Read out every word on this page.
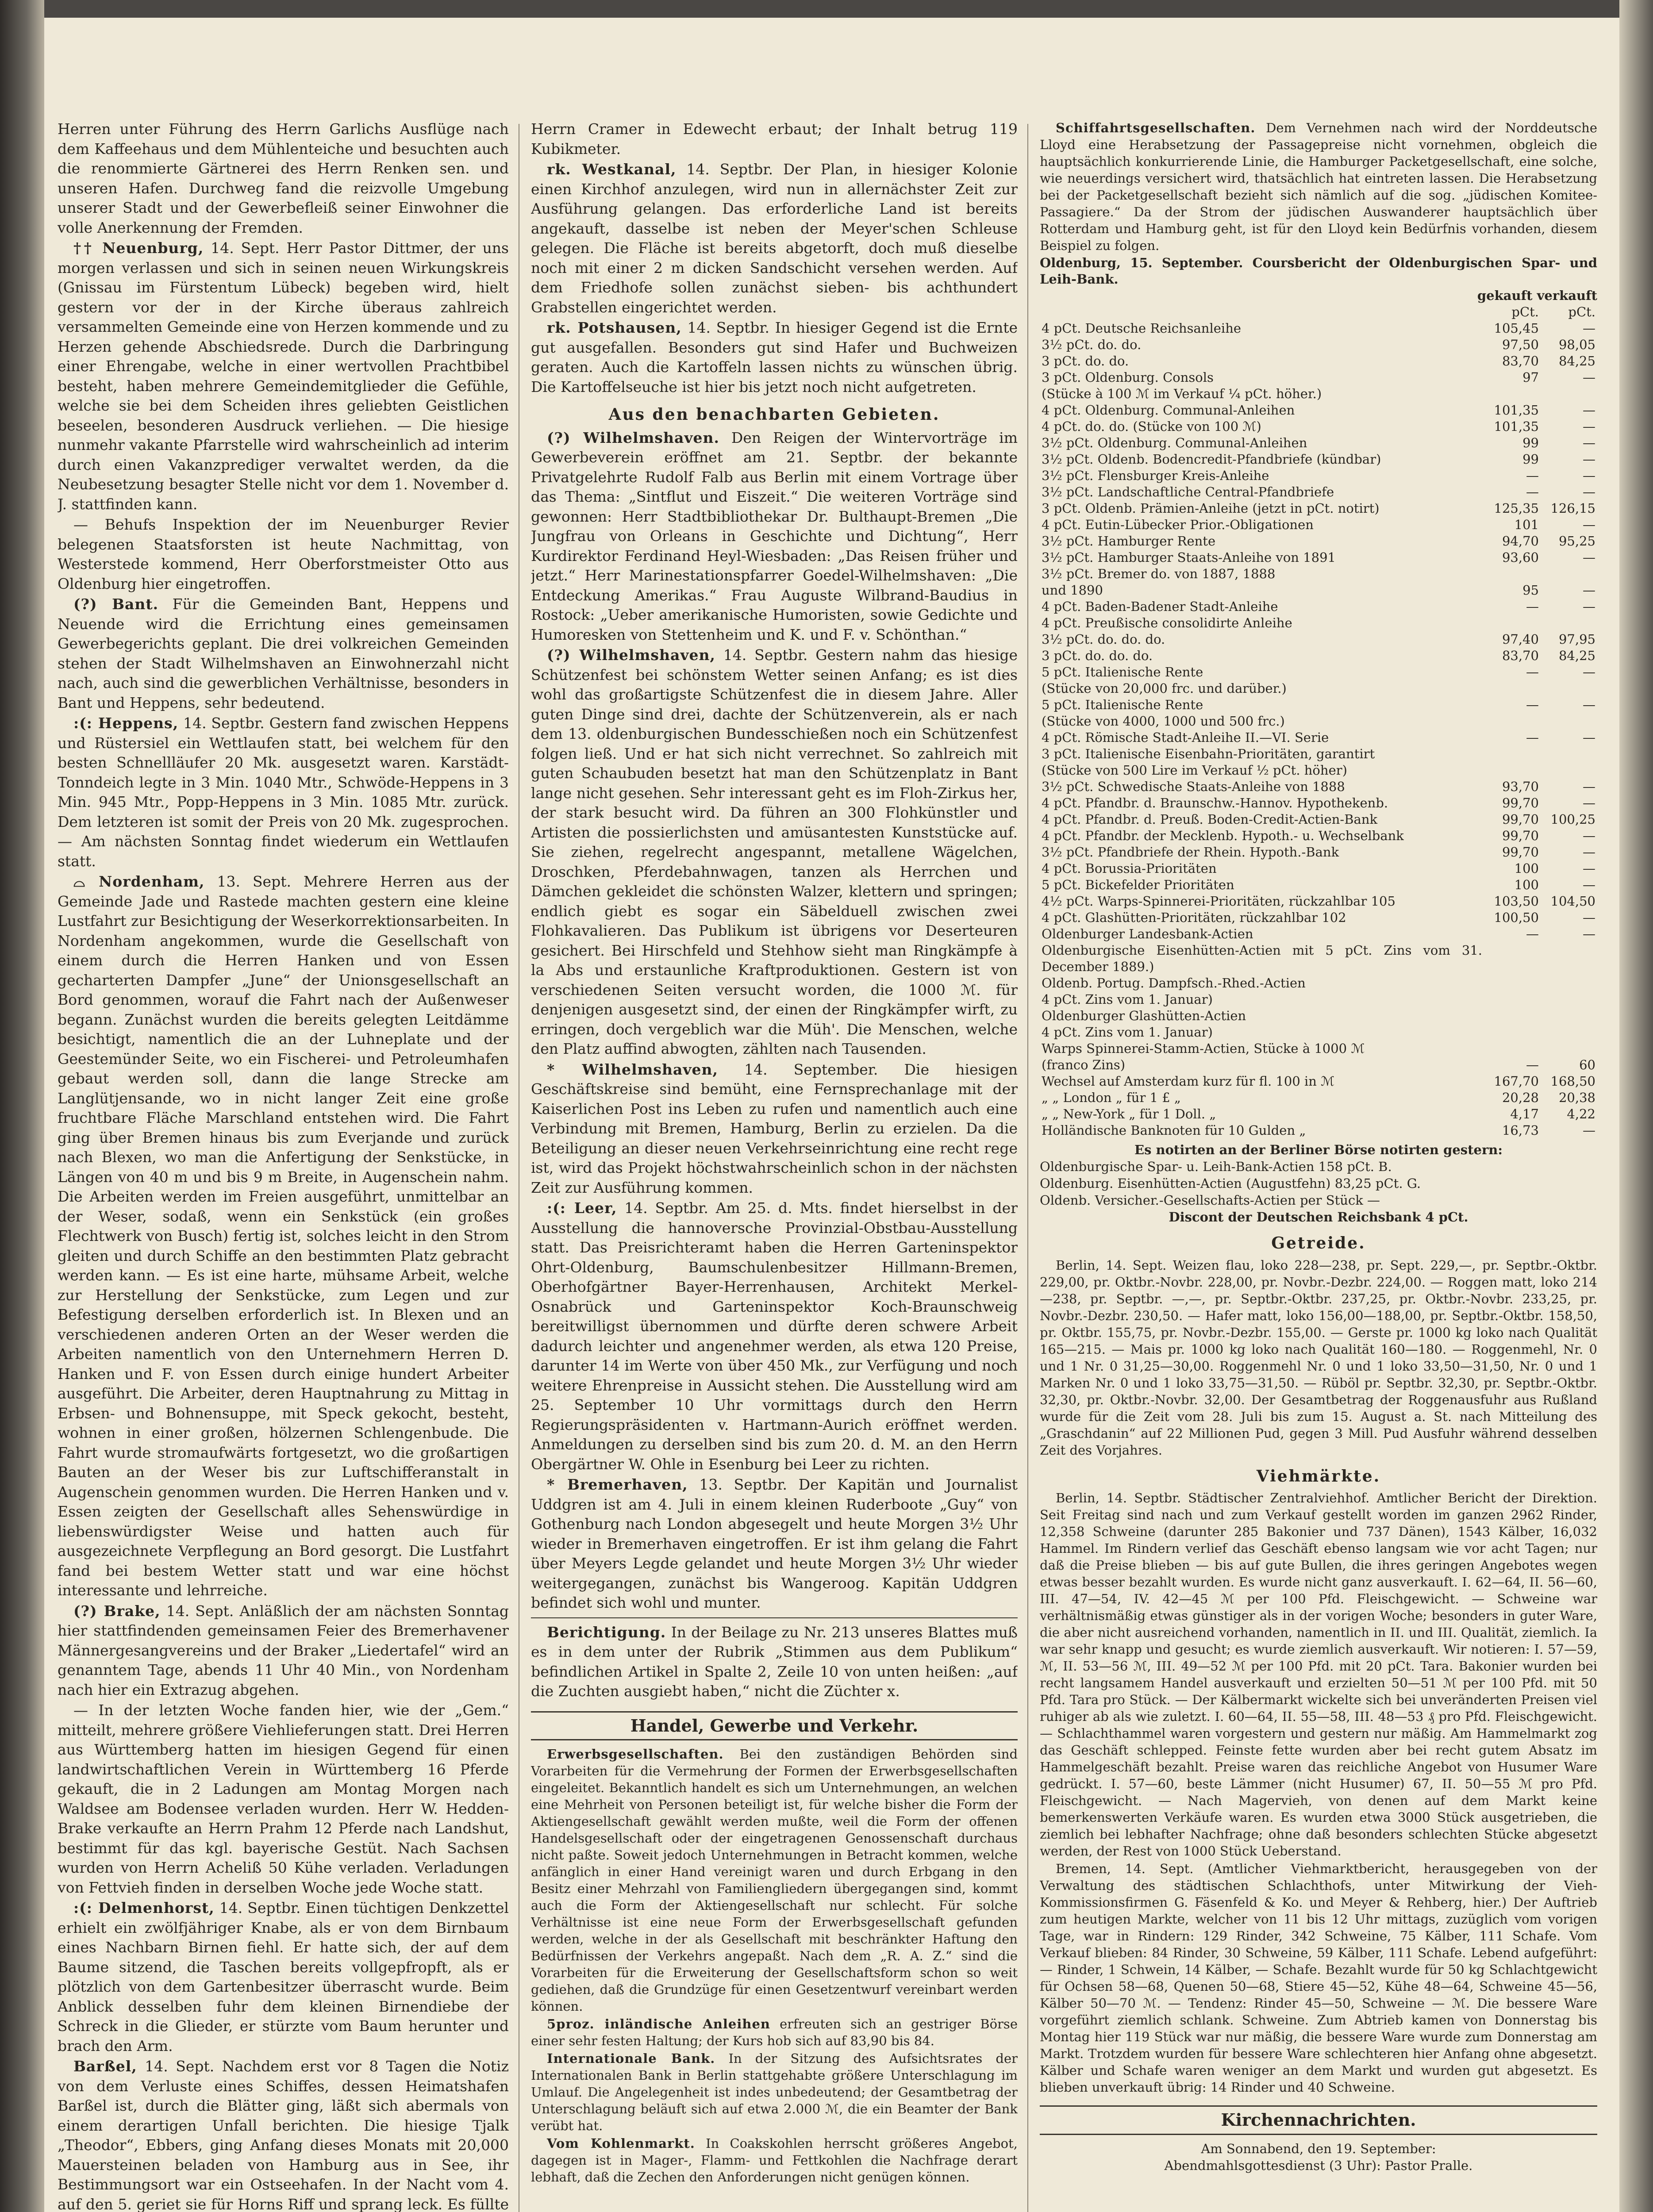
Herren unter Führung des Herrn Garlichs Ausflüge nach dem Kaffeehaus und dem Mühlenteiche und besuchten auch die renommierte Gärtnerei des Herrn Renken sen. und unseren Hafen. Durchweg fand die reizvolle Umgebung unserer Stadt und der Gewerbefleiß seiner Einwohner die volle Anerkennung der Fremden.

†† Neuenburg, 14. Sept. Herr Pastor Dittmer, der uns morgen verlassen und sich in seinen neuen Wirkungskreis (Gnissau im Fürstentum Lübeck) begeben wird, hielt gestern vor der in der Kirche überaus zahlreich versammelten Gemeinde eine von Herzen kommende und zu Herzen gehende Abschiedsrede. Durch die Darbringung einer Ehrengabe, welche in einer wertvollen Prachtbibel besteht, haben mehrere Gemeindemitglieder die Gefühle, welche sie bei dem Scheiden ihres geliebten Geistlichen beseelen, besonderen Ausdruck verliehen. — Die hiesige nunmehr vakante Pfarrstelle wird wahrscheinlich ad interim durch einen Vakanzprediger verwaltet werden, da die Neubesetzung besagter Stelle nicht vor dem 1. November d. J. stattfinden kann.

— Behufs Inspektion der im Neuenburger Revier belegenen Staatsforsten ist heute Nachmittag, von Westerstede kommend, Herr Oberforstmeister Otto aus Oldenburg hier eingetroffen.

(?) Bant. Für die Gemeinden Bant, Heppens und Neuende wird die Errichtung eines gemeinsamen Gewerbegerichts geplant. Die drei volkreichen Gemeinden stehen der Stadt Wilhelmshaven an Einwohnerzahl nicht nach, auch sind die gewerblichen Verhältnisse, besonders in Bant und Heppens, sehr bedeutend.

:(: Heppens, 14. Septbr. Gestern fand zwischen Heppens und Rüstersiel ein Wettlaufen statt, bei welchem für den besten Schnellläufer 20 Mk. ausgesetzt waren. Karstädt-Tonndeich legte in 3 Min. 1040 Mtr., Schwöde-Heppens in 3 Min. 945 Mtr., Popp-Heppens in 3 Min. 1085 Mtr. zurück. Dem letzteren ist somit der Preis von 20 Mk. zugesprochen. — Am nächsten Sonntag findet wiederum ein Wettlaufen statt.

⌓ Nordenham, 13. Sept. Mehrere Herren aus der Gemeinde Jade und Rastede machten gestern eine kleine Lustfahrt zur Besichtigung der Weserkorrektionsarbeiten. In Nordenham angekommen, wurde die Gesellschaft von einem durch die Herren Hanken und von Essen gecharterten Dampfer „June“ der Unionsgesellschaft an Bord genommen, worauf die Fahrt nach der Außenweser begann. Zunächst wurden die bereits gelegten Leitdämme besichtigt, namentlich die an der Luhneplate und der Geestemünder Seite, wo ein Fischerei- und Petroleumhafen gebaut werden soll, dann die lange Strecke am Langlütjensande, wo in nicht langer Zeit eine große fruchtbare Fläche Marschland entstehen wird. Die Fahrt ging über Bremen hinaus bis zum Everjande und zurück nach Blexen, wo man die Anfertigung der Senkstücke, in Längen von 40 m und bis 9 m Breite, in Augenschein nahm. Die Arbeiten werden im Freien ausgeführt, unmittelbar an der Weser, sodaß, wenn ein Senkstück (ein großes Flechtwerk von Busch) fertig ist, solches leicht in den Strom gleiten und durch Schiffe an den bestimmten Platz gebracht werden kann. — Es ist eine harte, mühsame Arbeit, welche zur Herstellung der Senkstücke, zum Legen und zur Befestigung derselben erforderlich ist. In Blexen und an verschiedenen anderen Orten an der Weser werden die Arbeiten namentlich von den Unternehmern Herren D. Hanken und F. von Essen durch einige hundert Arbeiter ausgeführt. Die Arbeiter, deren Hauptnahrung zu Mittag in Erbsen- und Bohnensuppe, mit Speck gekocht, besteht, wohnen in einer großen, hölzernen Schlengenbude. Die Fahrt wurde stromaufwärts fortgesetzt, wo die großartigen Bauten an der Weser bis zur Luftschifferanstalt in Augenschein genommen wurden. Die Herren Hanken und v. Essen zeigten der Gesellschaft alles Sehenswürdige in liebenswürdigster Weise und hatten auch für ausgezeichnete Verpflegung an Bord gesorgt. Die Lustfahrt fand bei bestem Wetter statt und war eine höchst interessante und lehrreiche.

(?) Brake, 14. Sept. Anläßlich der am nächsten Sonntag hier stattfindenden gemeinsamen Feier des Bremerhavener Männergesangvereins und der Braker „Liedertafel“ wird an genanntem Tage, abends 11 Uhr 40 Min., von Nordenham nach hier ein Extrazug abgehen.

— In der letzten Woche fanden hier, wie der „Gem.“ mitteilt, mehrere größere Viehlieferungen statt. Drei Herren aus Württemberg hatten im hiesigen Gegend für einen landwirtschaftlichen Verein in Württemberg 16 Pferde gekauft, die in 2 Ladungen am Montag Morgen nach Waldsee am Bodensee verladen wurden. Herr W. Hedden-Brake verkaufte an Herrn Prahm 12 Pferde nach Landshut, bestimmt für das kgl. bayerische Gestüt. Nach Sachsen wurden von Herrn Acheliß 50 Kühe verladen. Verladungen von Fettvieh finden in derselben Woche jede Woche statt.

:(: Delmenhorst, 14. Septbr. Einen tüchtigen Denkzettel erhielt ein zwölfjähriger Knabe, als er von dem Birnbaum eines Nachbarn Birnen fiehl. Er hatte sich, der auf dem Baume sitzend, die Taschen bereits vollgepfropft, als er plötzlich von dem Gartenbesitzer überrascht wurde. Beim Anblick desselben fuhr dem kleinen Birnendiebe der Schreck in die Glieder, er stürzte vom Baum herunter und brach den Arm.

Barßel, 14. Sept. Nachdem erst vor 8 Tagen die Notiz von dem Verluste eines Schiffes, dessen Heimatshafen Barßel ist, durch die Blätter ging, läßt sich abermals von einem derartigen Unfall berichten. Die hiesige Tjalk „Theodor“, Ebbers, ging Anfang dieses Monats mit 20,000 Mauersteinen beladen von Hamburg aus in See, ihr Bestimmungsort war ein Ostseehafen. In der Nacht vom 4. auf den 5. geriet sie für Horns Riff und sprang leck. Es füllte

Herrn Cramer in Edewecht erbaut; der Inhalt betrug 119 Kubikmeter.

rk. Westkanal, 14. Septbr. Der Plan, in hiesiger Kolonie einen Kirchhof anzulegen, wird nun in allernächster Zeit zur Ausführung gelangen. Das erforderliche Land ist bereits angekauft, dasselbe ist neben der Meyer'schen Schleuse gelegen. Die Fläche ist bereits abgetorft, doch muß dieselbe noch mit einer 2 m dicken Sandschicht versehen werden. Auf dem Friedhofe sollen zunächst sieben- bis achthundert Grabstellen eingerichtet werden.

rk. Potshausen, 14. Septbr. In hiesiger Gegend ist die Ernte gut ausgefallen. Besonders gut sind Hafer und Buchweizen geraten. Auch die Kartoffeln lassen nichts zu wünschen übrig. Die Kartoffelseuche ist hier bis jetzt noch nicht aufgetreten.

Aus den benachbarten Gebieten.

(?) Wilhelmshaven. Den Reigen der Wintervorträge im Gewerbeverein eröffnet am 21. Septbr. der bekannte Privatgelehrte Rudolf Falb aus Berlin mit einem Vortrage über das Thema: „Sintflut und Eiszeit.“ Die weiteren Vorträge sind gewonnen: Herr Stadtbibliothekar Dr. Bulthaupt-Bremen „Die Jungfrau von Orleans in Geschichte und Dichtung“, Herr Kurdirektor Ferdinand Heyl-Wiesbaden: „Das Reisen früher und jetzt.“ Herr Marinestationspfarrer Goedel-Wilhelmshaven: „Die Entdeckung Amerikas.“ Frau Auguste Wilbrand-Baudius in Rostock: „Ueber amerikanische Humoristen, sowie Gedichte und Humoresken von Stettenheim und K. und F. v. Schönthan.“

(?) Wilhelmshaven, 14. Septbr. Gestern nahm das hiesige Schützenfest bei schönstem Wetter seinen Anfang; es ist dies wohl das großartigste Schützenfest die in diesem Jahre. Aller guten Dinge sind drei, dachte der Schützenverein, als er nach dem 13. oldenburgischen Bundesschießen noch ein Schützenfest folgen ließ. Und er hat sich nicht verrechnet. So zahlreich mit guten Schaubuden besetzt hat man den Schützenplatz in Bant lange nicht gesehen. Sehr interessant geht es im Floh-Zirkus her, der stark besucht wird. Da führen an 300 Flohkünstler und Artisten die possierlichsten und amüsantesten Kunststücke auf. Sie ziehen, regelrecht angespannt, metallene Wägelchen, Droschken, Pferdebahnwagen, tanzen als Herrchen und Dämchen gekleidet die schönsten Walzer, klettern und springen; endlich giebt es sogar ein Säbelduell zwischen zwei Flohkavalieren. Das Publikum ist übrigens vor Deserteuren gesichert. Bei Hirschfeld und Stehhow sieht man Ringkämpfe à la Abs und erstaunliche Kraftproduktionen. Gestern ist von verschiedenen Seiten versucht worden, die 1000 ℳ. für denjenigen ausgesetzt sind, der einen der Ringkämpfer wirft, zu erringen, doch vergeblich war die Müh'. Die Menschen, welche den Platz auffind abwogten, zählten nach Tausenden.

* Wilhelmshaven, 14. September. Die hiesigen Geschäftskreise sind bemüht, eine Fernsprechanlage mit der Kaiserlichen Post ins Leben zu rufen und namentlich auch eine Verbindung mit Bremen, Hamburg, Berlin zu erzielen. Da die Beteiligung an dieser neuen Verkehrseinrichtung eine recht rege ist, wird das Projekt höchstwahrscheinlich schon in der nächsten Zeit zur Ausführung kommen.

:(: Leer, 14. Septbr. Am 25. d. Mts. findet hierselbst in der Ausstellung die hannoversche Provinzial-Obstbau-Ausstellung statt. Das Preisrichteramt haben die Herren Garteninspektor Ohrt-Oldenburg, Baumschulenbesitzer Hillmann-Bremen, Oberhofgärtner Bayer-Herrenhausen, Architekt Merkel-Osnabrück und Garteninspektor Koch-Braunschweig bereitwilligst übernommen und dürfte deren schwere Arbeit dadurch leichter und angenehmer werden, als etwa 120 Preise, darunter 14 im Werte von über 450 Mk., zur Verfügung und noch weitere Ehrenpreise in Aussicht stehen. Die Ausstellung wird am 25. September 10 Uhr vormittags durch den Herrn Regierungspräsidenten v. Hartmann-Aurich eröffnet werden. Anmeldungen zu derselben sind bis zum 20. d. M. an den Herrn Obergärtner W. Ohle in Esenburg bei Leer zu richten.

* Bremerhaven, 13. Septbr. Der Kapitän und Journalist Uddgren ist am 4. Juli in einem kleinen Ruderboote „Guy“ von Gothenburg nach London abgesegelt und heute Morgen 3½ Uhr wieder in Bremerhaven eingetroffen. Er ist ihm gelang die Fahrt über Meyers Legde gelandet und heute Morgen 3½ Uhr wieder weitergegangen, zunächst bis Wangeroog. Kapitän Uddgren befindet sich wohl und munter.

Berichtigung. In der Beilage zu Nr. 213 unseres Blattes muß es in dem unter der Rubrik „Stimmen aus dem Publikum“ befindlichen Artikel in Spalte 2, Zeile 10 von unten heißen: „auf die Zuchten ausgiebt haben,“ nicht die Züchter x.

Handel, Gewerbe und Verkehr.

Erwerbsgesellschaften. Bei den zuständigen Behörden sind Vorarbeiten für die Vermehrung der Formen der Erwerbsgesellschaften eingeleitet. Bekanntlich handelt es sich um Unternehmungen, an welchen eine Mehrheit von Personen beteiligt ist, für welche bisher die Form der Aktiengesellschaft gewählt werden mußte, weil die Form der offenen Handelsgesellschaft oder der eingetragenen Genossenschaft durchaus nicht paßte. Soweit jedoch Unternehmungen in Betracht kommen, welche anfänglich in einer Hand vereinigt waren und durch Erbgang in den Besitz einer Mehrzahl von Familiengliedern übergegangen sind, kommt auch die Form der Aktiengesellschaft nur schlecht. Für solche Verhältnisse ist eine neue Form der Erwerbsgesellschaft gefunden werden, welche in der als Gesellschaft mit beschränkter Haftung den Bedürfnissen der Verkehrs angepaßt. Nach dem „R. A. Z.“ sind die Vorarbeiten für die Erweiterung der Gesellschaftsform schon so weit gediehen, daß die Grundzüge für einen Gesetzentwurf vereinbart werden können.

5proz. inländische Anleihen erfreuten sich an gestriger Börse einer sehr festen Haltung; der Kurs hob sich auf 83,90 bis 84.

Internationale Bank. In der Sitzung des Aufsichtsrates der Internationalen Bank in Berlin stattgehabte größere Unterschlagung im Umlauf. Die Angelegenheit ist indes unbedeutend; der Gesamtbetrag der Unterschlagung beläuft sich auf etwa 2.000 ℳ, die ein Beamter der Bank verübt hat.

Vom Kohlenmarkt. In Coakskohlen herrscht größeres Angebot, dagegen ist in Mager-, Flamm- und Fettkohlen die Nachfrage derart lebhaft, daß die Zechen den Anforderungen nicht genügen können.

Schiffahrtsgesellschaften. Dem Vernehmen nach wird der Norddeutsche Lloyd eine Herabsetzung der Passagepreise nicht vornehmen, obgleich die hauptsächlich konkurrierende Linie, die Hamburger Packetgesellschaft, eine solche, wie neuerdings versichert wird, thatsächlich hat eintreten lassen. Die Herabsetzung bei der Packetgesellschaft bezieht sich nämlich auf die sog. „jüdischen Komitee-Passagiere.“ Da der Strom der jüdischen Auswanderer hauptsächlich über Rotterdam und Hamburg geht, ist für den Lloyd kein Bedürfnis vorhanden, diesem Beispiel zu folgen.

Oldenburg, 15. September. Coursbericht der Oldenburgischen Spar- und Leih-Bank.
gekauft verkauft
	pCt.	pCt.
4 pCt. Deutsche Reichsanleihe	105,45	—
3½ pCt. do. do.	97,50	98,05
3 pCt. do. do.	83,70	84,25
3 pCt. Oldenburg. Consols	97	—
(Stücke à 100 ℳ im Verkauf ¼ pCt. höher.)		
4 pCt. Oldenburg. Communal-Anleihen	101,35	—
4 pCt. do. do. (Stücke von 100 ℳ)	101,35	—
3½ pCt. Oldenburg. Communal-Anleihen	99	—
3½ pCt. Oldenb. Bodencredit-Pfandbriefe (kündbar)	99	—
3½ pCt. Flensburger Kreis-Anleihe	—	—
3½ pCt. Landschaftliche Central-Pfandbriefe	—	—
3 pCt. Oldenb. Prämien-Anleihe (jetzt in pCt. notirt)	125,35	126,15
4 pCt. Eutin-Lübecker Prior.-Obligationen	101	—
3½ pCt. Hamburger Rente	94,70	95,25
3½ pCt. Hamburger Staats-Anleihe von 1891	93,60	—
3½ pCt. Bremer do. von 1887, 1888		
und 1890	95	—
4 pCt. Baden-Badener Stadt-Anleihe	—	—
4 pCt. Preußische consolidirte Anleihe		
3½ pCt. do. do. do.	97,40	97,95
3 pCt. do. do. do.	83,70	84,25
5 pCt. Italienische Rente	—	—
(Stücke von 20,000 frc. und darüber.)		
5 pCt. Italienische Rente	—	—
(Stücke von 4000, 1000 und 500 frc.)		
4 pCt. Römische Stadt-Anleihe II.—VI. Serie	—	—
3 pCt. Italienische Eisenbahn-Prioritäten, garantirt		
(Stücke von 500 Lire im Verkauf ½ pCt. höher)		
3½ pCt. Schwedische Staats-Anleihe von 1888	93,70	—
4 pCt. Pfandbr. d. Braunschw.-Hannov. Hypothekenb.	99,70	—
4 pCt. Pfandbr. d. Preuß. Boden-Credit-Actien-Bank	99,70	100,25
4 pCt. Pfandbr. der Mecklenb. Hypoth.- u. Wechselbank	99,70	—
3½ pCt. Pfandbriefe der Rhein. Hypoth.-Bank	99,70	—
4 pCt. Borussia-Prioritäten	100	—
5 pCt. Bickefelder Prioritäten	100	—
4½ pCt. Warps-Spinnerei-Prioritäten, rückzahlbar 105	103,50	104,50
4 pCt. Glashütten-Prioritäten, rückzahlbar 102	100,50	—
Oldenburger Landesbank-Actien	—	—
Oldenburgische Eisenhütten-Actien mit 5 pCt. Zins vom 31. December 1889.)		
Oldenb. Portug. Dampfsch.-Rhed.-Actien		
4 pCt. Zins vom 1. Januar)		
Oldenburger Glashütten-Actien		
4 pCt. Zins vom 1. Januar)		
Warps Spinnerei-Stamm-Actien, Stücke à 1000 ℳ		
(franco Zins)	—	60
Wechsel auf Amsterdam kurz für fl. 100 in ℳ	167,70	168,50
„ „ London „ für 1 £ „	20,28	20,38
„ „ New-York „ für 1 Doll. „	4,17	4,22
Holländische Banknoten für 10 Gulden „	16,73	—
Es notirten an der Berliner Börse notirten gestern:
Oldenburgische Spar- u. Leih-Bank-Actien 158 pCt. B.
Oldenburg. Eisenhütten-Actien (Augustfehn) 83,25 pCt. G.
Oldenb. Versicher.-Gesellschafts-Actien per Stück —
Discont der Deutschen Reichsbank 4 pCt.
Getreide.

Berlin, 14. Sept. Weizen flau, loko 228—238, pr. Sept. 229,—, pr. Septbr.-Oktbr. 229,00, pr. Oktbr.-Novbr. 228,00, pr. Novbr.-Dezbr. 224,00. — Roggen matt, loko 214—238, pr. Septbr. —,—, pr. Septbr.-Oktbr. 237,25, pr. Oktbr.-Novbr. 233,25, pr. Novbr.-Dezbr. 230,50. — Hafer matt, loko 156,00—188,00, pr. Septbr.-Oktbr. 158,50, pr. Oktbr. 155,75, pr. Novbr.-Dezbr. 155,00. — Gerste pr. 1000 kg loko nach Qualität 165—215. — Mais pr. 1000 kg loko nach Qualität 160—180. — Roggenmehl, Nr. 0 und 1 Nr. 0 31,25—30,00. Roggenmehl Nr. 0 und 1 loko 33,50—31,50, Nr. 0 und 1 Marken Nr. 0 und 1 loko 33,75—31,50. — Rüböl pr. Septbr. 32,30, pr. Septbr.-Oktbr. 32,30, pr. Oktbr.-Novbr. 32,00. Der Gesamtbetrag der Roggenausfuhr aus Rußland wurde für die Zeit vom 28. Juli bis zum 15. August a. St. nach Mitteilung des „Graschdanin“ auf 22 Millionen Pud, gegen 3 Mill. Pud Ausfuhr während desselben Zeit des Vorjahres.

Viehmärkte.

Berlin, 14. Septbr. Städtischer Zentralviehhof. Amtlicher Bericht der Direktion. Seit Freitag sind nach und zum Verkauf gestellt worden im ganzen 2962 Rinder, 12,358 Schweine (darunter 285 Bakonier und 737 Dänen), 1543 Kälber, 16,032 Hammel. Im Rindern verlief das Geschäft ebenso langsam wie vor acht Tagen; nur daß die Preise blieben — bis auf gute Bullen, die ihres geringen Angebotes wegen etwas besser bezahlt wurden. Es wurde nicht ganz ausverkauft. I. 62—64, II. 56—60, III. 47—54, IV. 42—45 ℳ per 100 Pfd. Fleischgewicht. — Schweine war verhältnismäßig etwas günstiger als in der vorigen Woche; besonders in guter Ware, die aber nicht ausreichend vorhanden, namentlich in II. und III. Qualität, ziemlich. Ia war sehr knapp und gesucht; es wurde ziemlich ausverkauft. Wir notieren: I. 57—59, ℳ, II. 53—56 ℳ, III. 49—52 ℳ per 100 Pfd. mit 20 pCt. Tara. Bakonier wurden bei recht langsamem Handel ausverkauft und erzielten 50—51 ℳ per 100 Pfd. mit 50 Pfd. Tara pro Stück. — Der Kälbermarkt wickelte sich bei unveränderten Preisen viel ruhiger ab als wie zuletzt. I. 60—64, II. 55—58, III. 48—53 ₰ pro Pfd. Fleischgewicht. — Schlachthammel waren vorgestern und gestern nur mäßig. Am Hammelmarkt zog das Geschäft schlepped. Feinste fette wurden aber bei recht gutem Absatz im Hammelgeschäft bezahlt. Preise waren das reichliche Angebot von Husumer Ware gedrückt. I. 57—60, beste Lämmer (nicht Husumer) 67, II. 50—55 ℳ pro Pfd. Fleischgewicht. — Nach Magervieh, von denen auf dem Markt keine bemerkenswerten Verkäufe waren. Es wurden etwa 3000 Stück ausgetrieben, die ziemlich bei lebhafter Nachfrage; ohne daß besonders schlechten Stücke abgesetzt werden, der Rest von 1000 Stück Ueberstand.

Bremen, 14. Sept. (Amtlicher Viehmarktbericht, herausgegeben von der Verwaltung des städtischen Schlachthofs, unter Mitwirkung der Vieh-Kommissionsfirmen G. Fäsenfeld & Ko. und Meyer & Rehberg, hier.) Der Auftrieb zum heutigen Markte, welcher von 11 bis 12 Uhr mittags, zuzüglich vom vorigen Tage, war in Rindern: 129 Rinder, 342 Schweine, 75 Kälber, 111 Schafe. Vom Verkauf blieben: 84 Rinder, 30 Schweine, 59 Kälber, 111 Schafe. Lebend aufgeführt: — Rinder, 1 Schwein, 14 Kälber, — Schafe. Bezahlt wurde für 50 kg Schlachtgewicht für Ochsen 58—68, Quenen 50—68, Stiere 45—52, Kühe 48—64, Schweine 45—56, Kälber 50—70 ℳ. — Tendenz: Rinder 45—50, Schweine — ℳ. Die bessere Ware vorgeführt ziemlich schlank. Schweine. Zum Abtrieb kamen von Donnerstag bis Montag hier 119 Stück war nur mäßig, die bessere Ware wurde zum Donnerstag am Markt. Trotzdem wurden für bessere Ware schlechteren hier Anfang ohne abgesetzt. Kälber und Schafe waren weniger an dem Markt und wurden gut abgesetzt. Es blieben unverkauft übrig: 14 Rinder und 40 Schweine.

Kirchennachrichten.
Am Sonnabend, den 19. September:
Abendmahlsgottesdienst (3 Uhr): Pastor Pralle.
